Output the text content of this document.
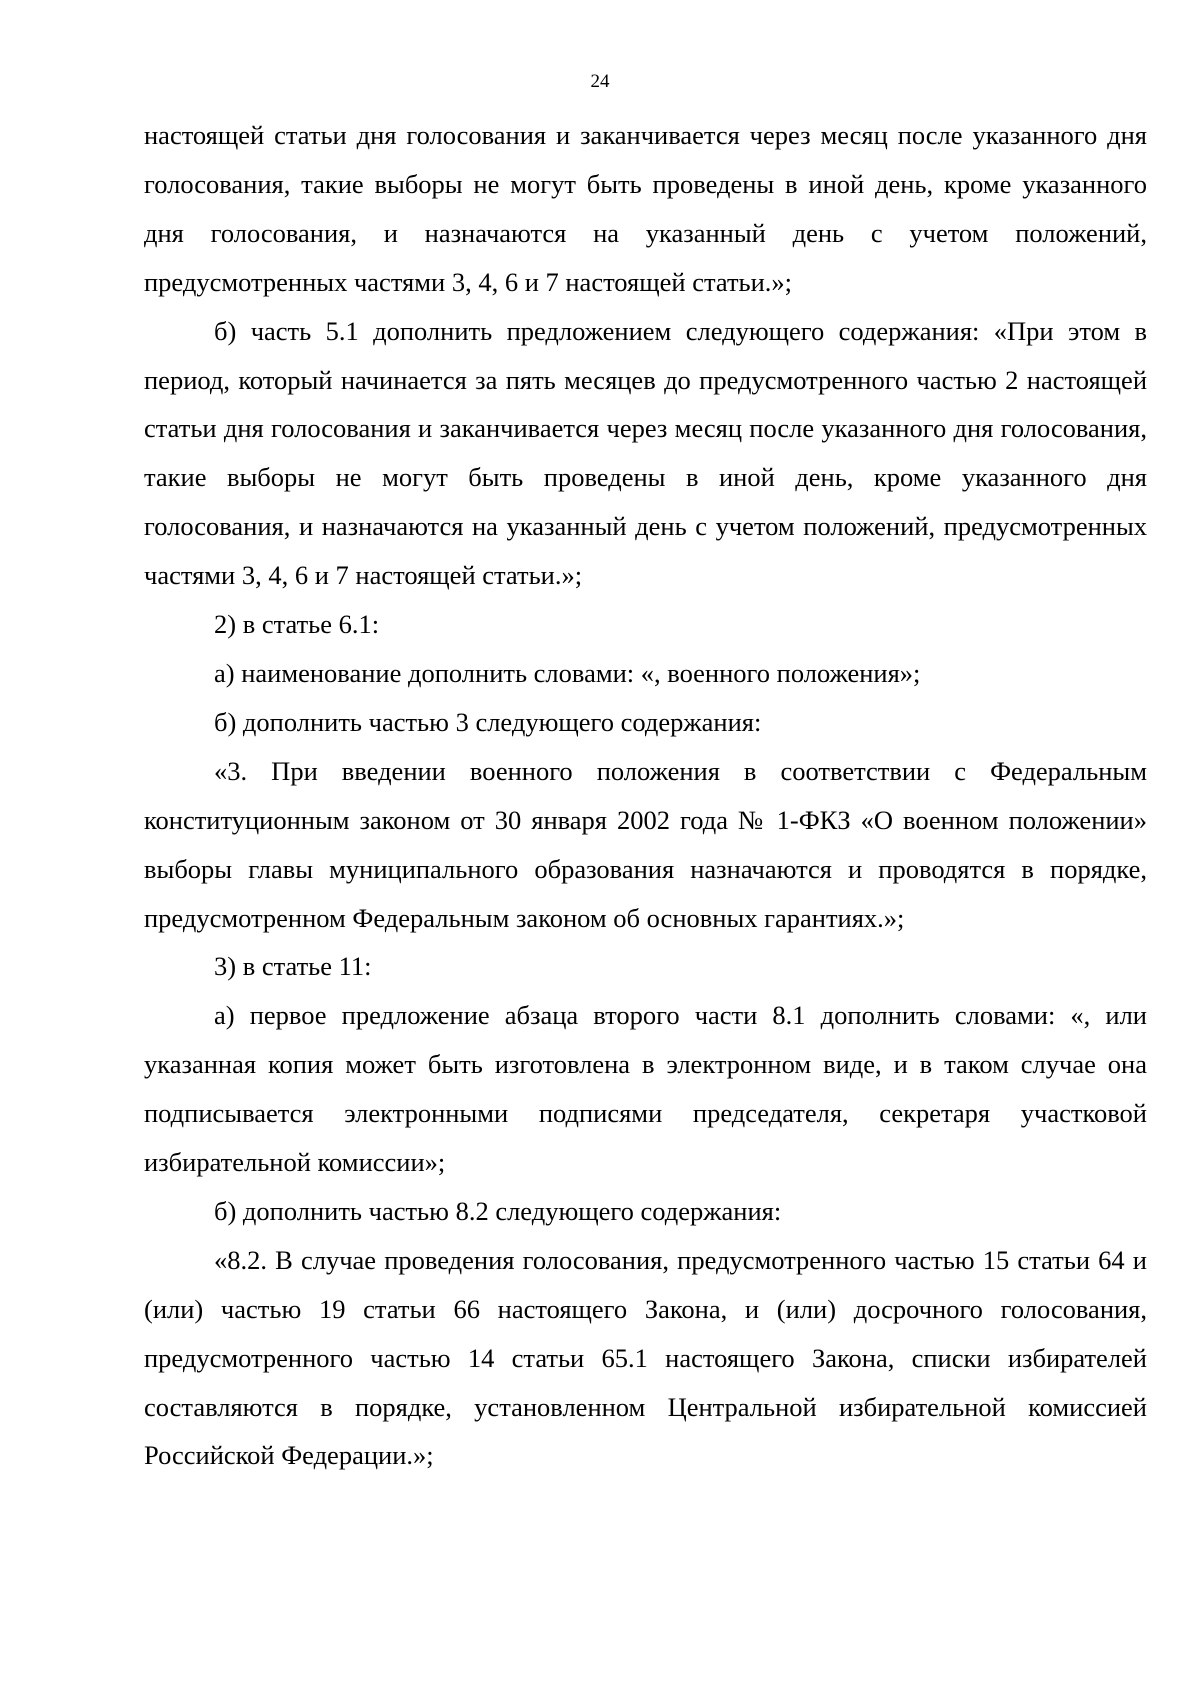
24

настоящей статьи дня голосования и заканчивается через месяц после указанного дня голосования, такие выборы не могут быть проведены в иной день, кроме указанного дня голосования, и назначаются на указанный день с учетом положений, предусмотренных частями 3, 4, 6 и 7 настоящей статьи.»;

б) часть 5.1 дополнить предложением следующего содержания: «При этом в период, который начинается за пять месяцев до предусмотренного частью 2 настоящей статьи дня голосования и заканчивается через месяц после указанного дня голосования, такие выборы не могут быть проведены в иной день, кроме указанного дня голосования, и назначаются на указанный день с учетом положений, предусмотренных частями 3, 4, 6 и 7 настоящей статьи.»;

2) в статье 6.1:

а) наименование дополнить словами: «, военного положения»;

б) дополнить частью 3 следующего содержания:

«3. При введении военного положения в соответствии с Федеральным конституционным законом от 30 января 2002 года № 1-ФКЗ «О военном положении» выборы главы муниципального образования назначаются и проводятся в порядке, предусмотренном Федеральным законом об основных гарантиях.»;

3) в статье 11:

а) первое предложение абзаца второго части 8.1 дополнить словами: «, или указанная копия может быть изготовлена в электронном виде, и в таком случае она подписывается электронными подписями председателя, секретаря участковой избирательной комиссии»;

б) дополнить частью 8.2 следующего содержания:

«8.2. В случае проведения голосования, предусмотренного частью 15 статьи 64 и (или) частью 19 статьи 66 настоящего Закона, и (или) досрочного голосования, предусмотренного частью 14 статьи 65.1 настоящего Закона, списки избирателей составляются в порядке, установленном Центральной избирательной комиссией Российской Федерации.»;
